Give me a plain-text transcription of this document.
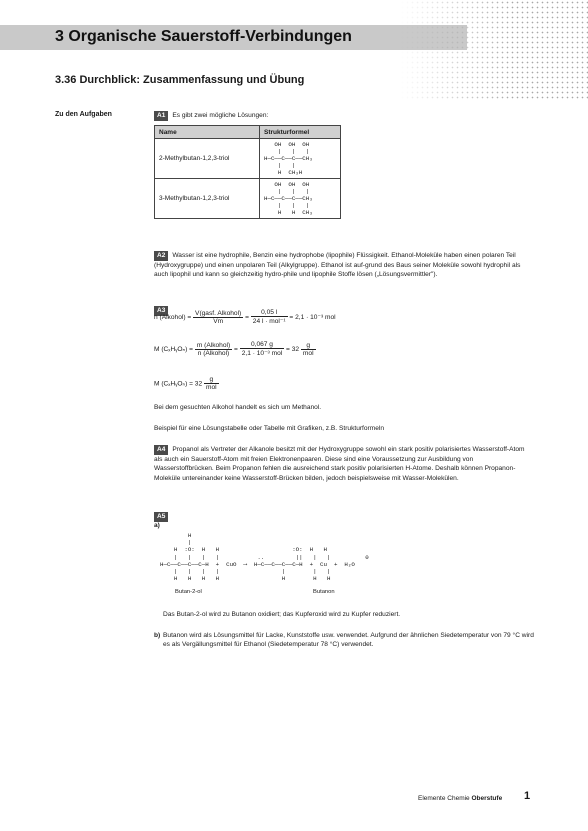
3 Organische Sauerstoff-Verbindungen
3.36 Durchblick: Zusammenfassung und Übung
Zu den Aufgaben	A1 Es gibt zwei mögliche Lösungen:
Name	Strukturformel
2-Methylbutan-1,2,3-triol	OH  OH  OH
|   |   |
H─C──C──C──CH₃
|   |
H  CH₃H

3-Methylbutan-1,2,3-triol	OH  OH  OH
|   |   |
H─C──C──C──CH₃
|   |   |
H   H  CH₃
A2 Wasser ist eine hydrophile, Benzin eine hydrophobe (lipophile) Flüssigkeit. Ethanol-Moleküle haben einen polaren Teil (Hydroxygruppe) und einen unpolaren Teil (Alkylgruppe). Ethanol ist auf-grund des Baus seiner Moleküle sowohl hydrophil als auch lipophil und kann so gleichzeitig hydro-phile und lipophile Stoffe lösen („Lösungsvermittler").
A3
n (Alkohol) = $\frac{\text{V(gasf. Alkohol)}}{Vm} = \frac{0,05 l}{\text{24 l · mol⁻¹}} = 2,1 \cdot 10^{-3}$ mol
M (CₓHᵧOₙ) = $\frac{\text{m (Alkohol)}}{\text{n (Alkohol)}} = \frac{0,067 g}{\text{2,1 · 10⁻³ mol}} = 32 \frac{g}{\text{mol}}$
M (CₓHᵧOₙ) = $32 \frac{g}{\text{mol}}$
Bei dem gesuchten Alkohol handelt es sich um Methanol.
Beispiel für eine Lösungstabelle oder Tabelle mit Grafiken, z.B. Strukturformeln
A4 Propanol als Vertreter der Alkanole besitzt mit der Hydroxygruppe sowohl ein stark positiv polarisiertes Wasserstoff-Atom als auch ein Sauerstoff-Atom mit freien Elektronenpaaren. Diese sind eine Voraussetzung zur Ausbildung von Wasserstoffbrücken. Beim Propanon fehlen die ausreichend stark positiv polarisierten H-Atome. Deshalb können Propanon-Moleküle untereinander keine Wasserstoff-Brücken bilden, jedoch beispielsweise mit Wasser-Molekülen.
A5
a)
H
|
H  :O:  H   H                     :O:  H   H
|   |   |   |           ..         ||   |   |          0
H─C──C──C──C─H  +  CuO  ⟶  H─C──C──C──C─H  +  Cu  +  H₂O
|   |   |   |                  |        |   |
H   H   H   H                  H        H   H
Butan-2-ol	Butanon
Das Butan-2-ol wird zu Butanon oxidiert; das Kupferoxid wird zu Kupfer reduziert.
b) Butanon wird als Lösungsmittel für Lacke, Kunststoffe usw. verwendet. Aufgrund der ähnlichen Siedetemperatur von 79 °C wird es als Vergällungsmittel für Ethanol (Siedetemperatur 78 °C) verwendet.
Elemente Chemie Oberstufe 1
